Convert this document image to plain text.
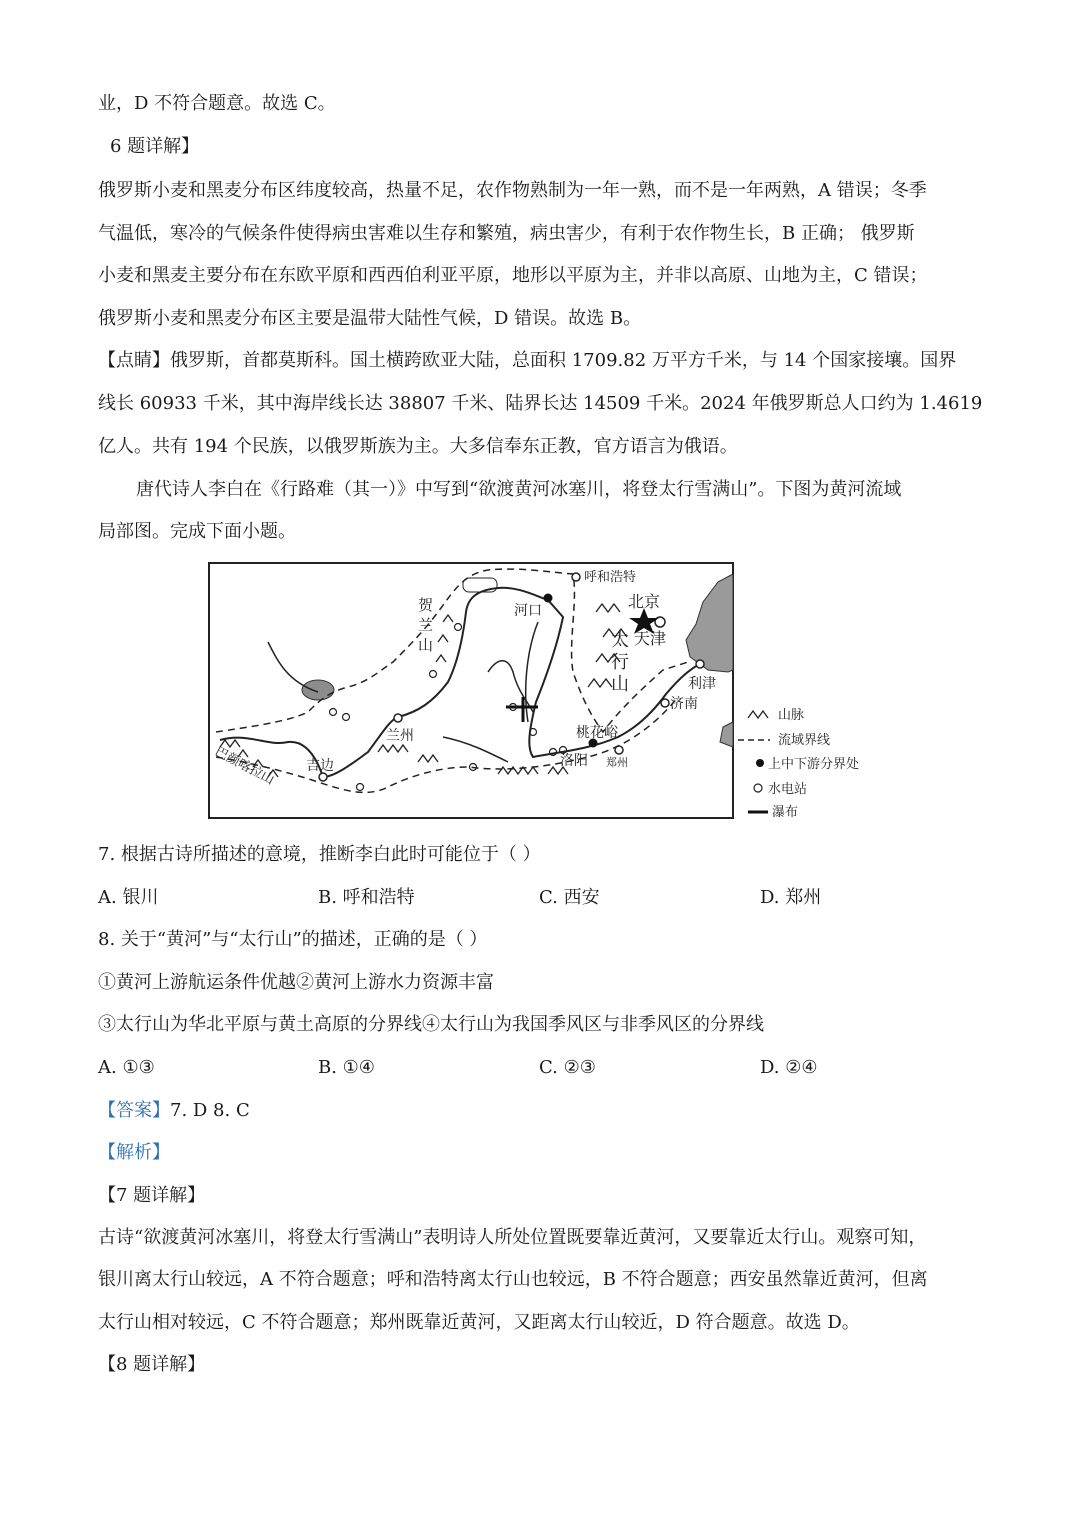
业，D 不符合题意。故选 C。
6 题详解】
俄罗斯小麦和黑麦分布区纬度较高，热量不足，农作物熟制为一年一熟，而不是一年两熟，A 错误；冬季
气温低，寒冷的气候条件使得病虫害难以生存和繁殖，病虫害少，有利于农作物生长，B 正确； 俄罗斯
小麦和黑麦主要分布在东欧平原和西西伯利亚平原，地形以平原为主，并非以高原、山地为主，C 错误；
俄罗斯小麦和黑麦分布区主要是温带大陆性气候，D 错误。故选 B。
【点睛】俄罗斯，首都莫斯科。国土横跨欧亚大陆，总面积 1709.82 万平方千米，与 14 个国家接壤。国界
线长 60933 千米，其中海岸线长达 38807 千米、陆界长达 14509 千米。2024 年俄罗斯总人口约为 1.4619
亿人。共有 194 个民族，以俄罗斯族为主。大多信奉东正教，官方语言为俄语。
唐代诗人李白在《行路难（其一）》中写到“欲渡黄河冰塞川，将登太行雪满山”。下图为黄河流域
局部图。完成下面小题。
呼和浩特
北京
天津
河口
贺
兰
山	太
行
山	利津
济南
兰州	桃花峪
洛阳 郑州
吉边
巴颜喀拉山
山脉
流域界线
上中下游分界处
水电站
瀑布
7. 根据古诗所描述的意境，推断李白此时可能位于（ ）
A. 银川	B. 呼和浩特	C. 西安	D. 郑州
8. 关于“黄河”与“太行山”的描述，正确的是（ ）
①黄河上游航运条件优越②黄河上游水力资源丰富
③太行山为华北平原与黄土高原的分界线④太行山为我国季风区与非季风区的分界线
A. ①③	B. ①④	C. ②③	D. ②④
【答案】7. D 8. C
【解析】
【7 题详解】
古诗“欲渡黄河冰塞川，将登太行雪满山”表明诗人所处位置既要靠近黄河，又要靠近太行山。观察可知，
银川离太行山较远，A 不符合题意；呼和浩特离太行山也较远，B 不符合题意；西安虽然靠近黄河，但离
太行山相对较远，C 不符合题意；郑州既靠近黄河，又距离太行山较近，D 符合题意。故选 D。
【8 题详解】
